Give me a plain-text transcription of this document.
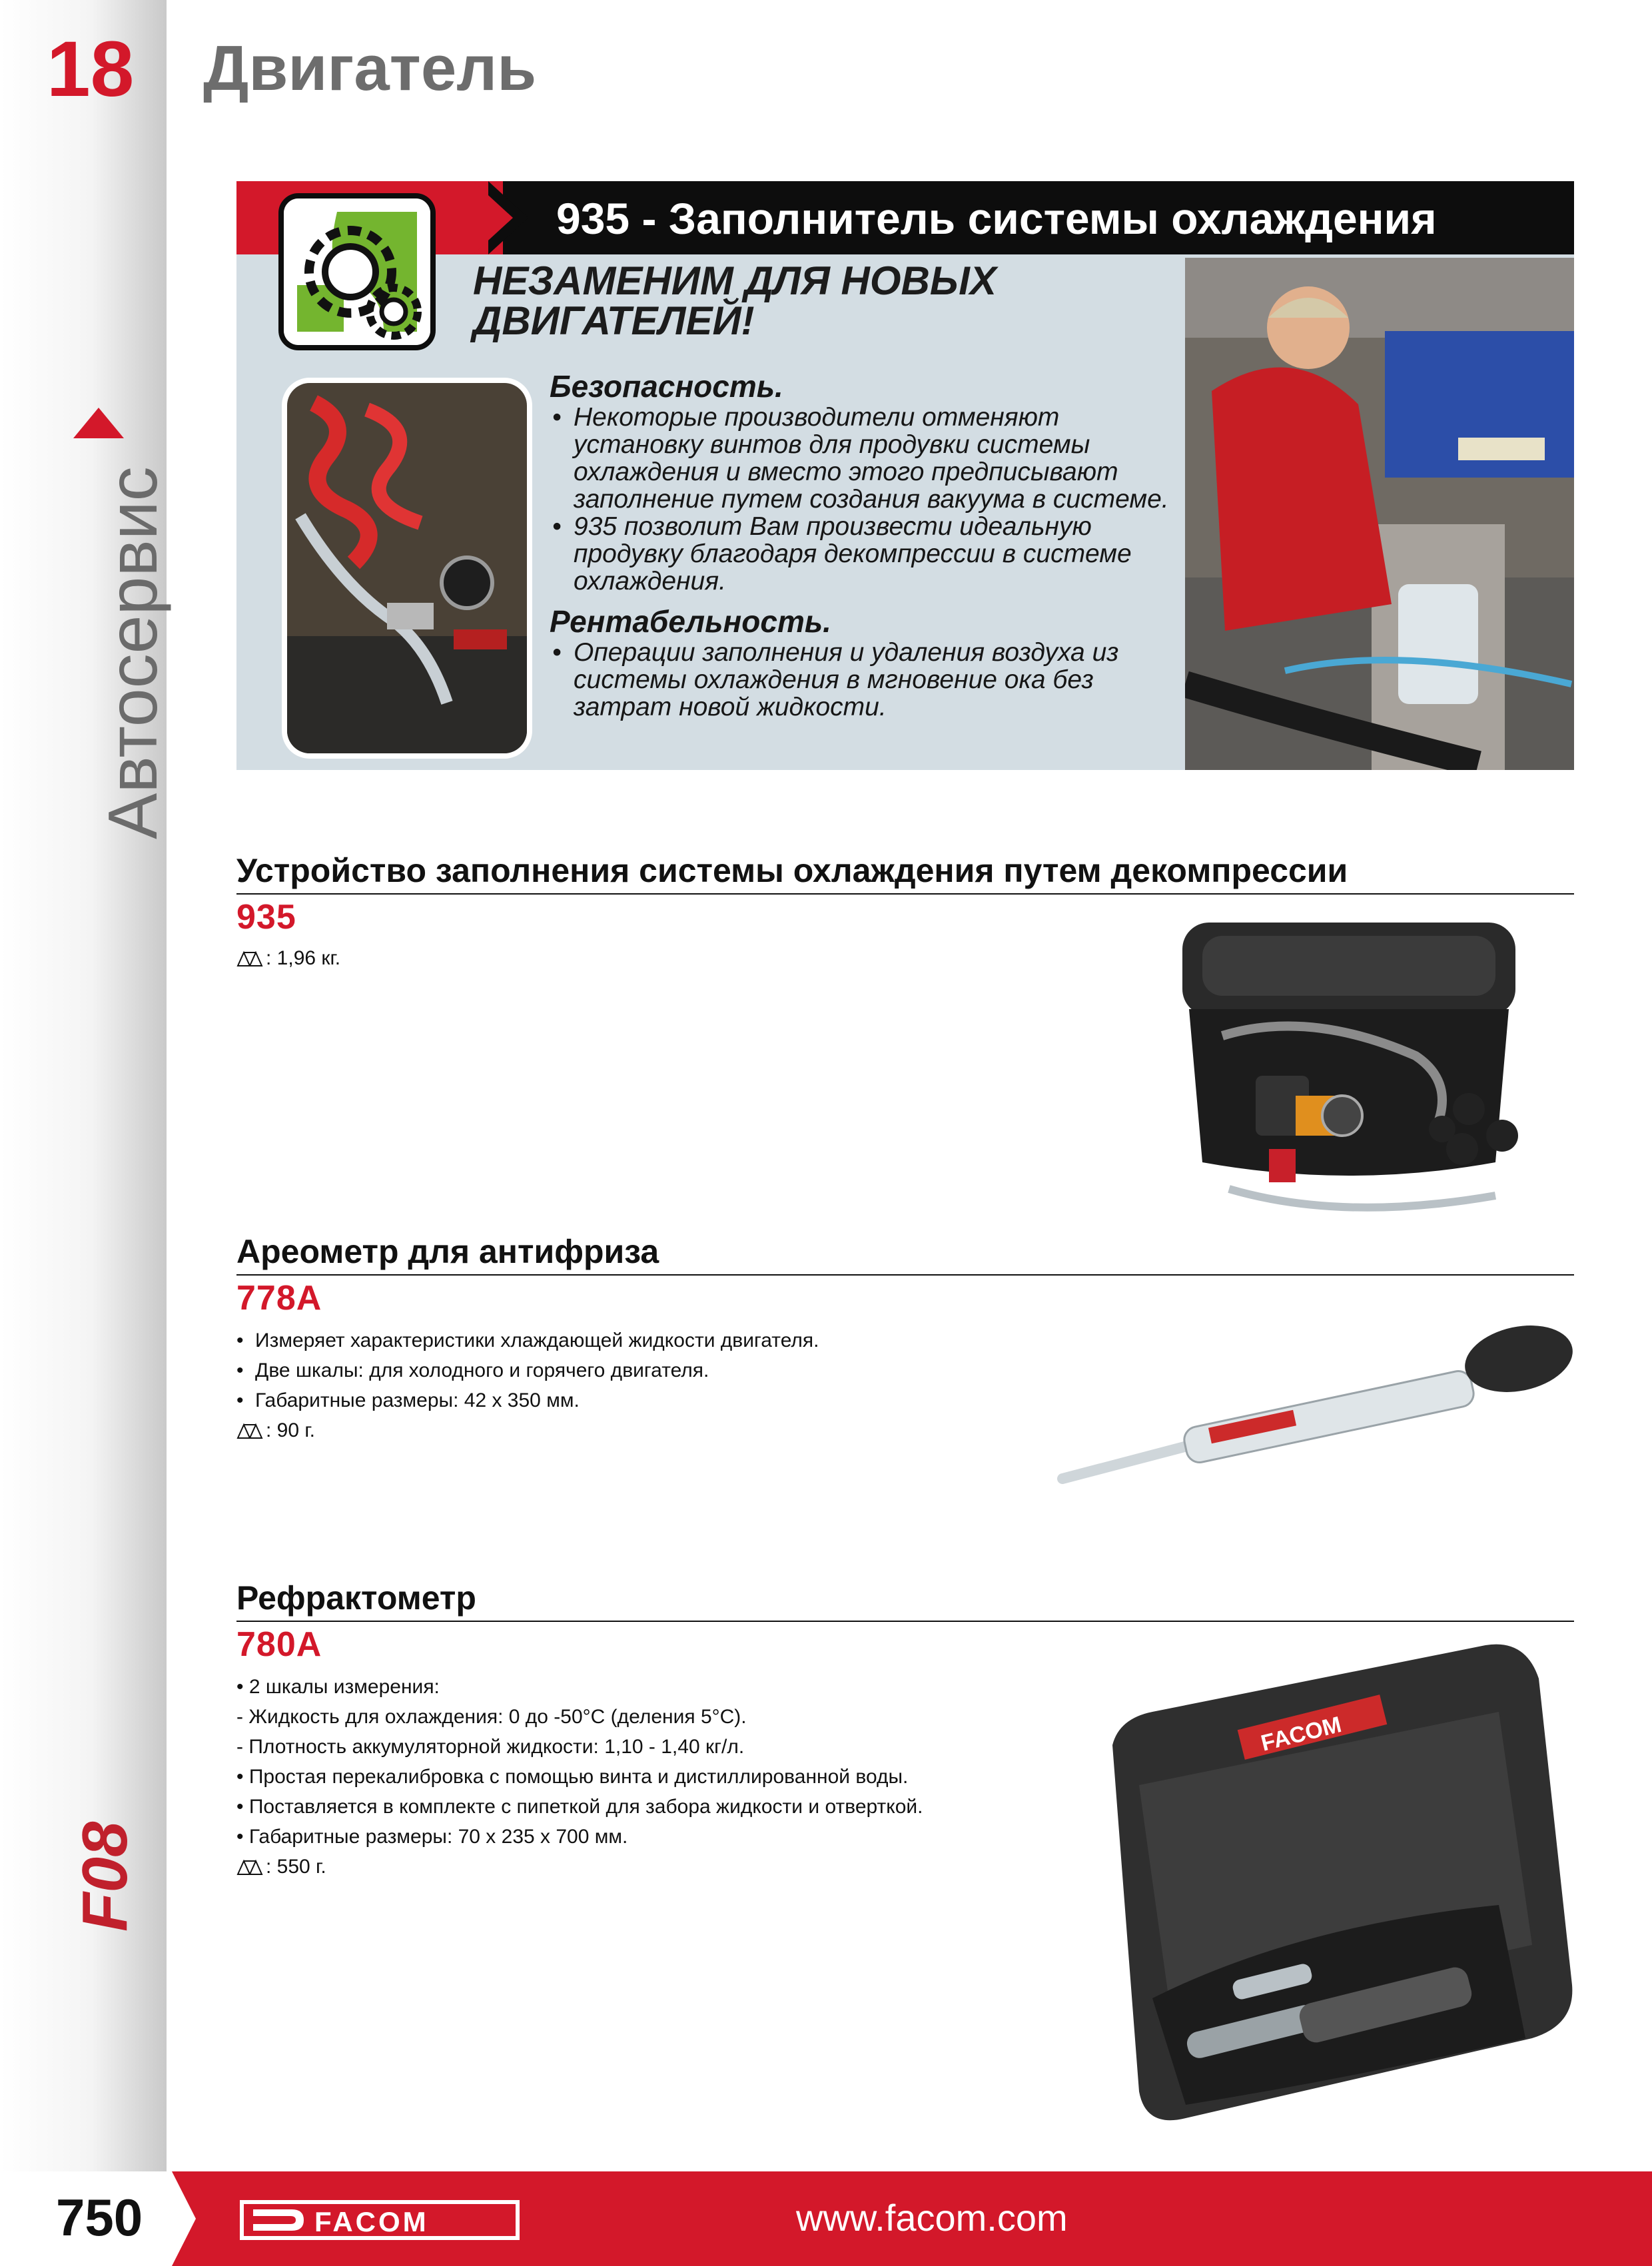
18 Двигатель
Автосервис
F08
935 - Заполнитель системы охлаждения
НЕЗАМЕНИМ ДЛЯ НОВЫХ ДВИГАТЕЛЕЙ!

Безопасность.

• Некоторые производители отменяют установку винтов для продувки системы охлаждения и вместо этого предписывают заполнение путем создания вакуума в системе.

• 935 позволит Вам произвести идеальную продувку благодаря декомпрессии в системе охлаждения.

Рентабельность.

• Операции заполнения и удаления воздуха из системы охлаждения в мгновение ока без затрат новой жидкости.

Устройство заполнения системы охлаждения путем декомпрессии
935
: 1,96 кг.
Ареометр для антифриза
778A
• Измеряет характеристики хлаждающей жидкости двигателя.
• Две шкалы: для холодного и горячего двигателя.
• Габаритные размеры: 42 x 350 мм.
: 90 г.
Рефрактометр
780A
• 2 шкалы измерения:
- Жидкость для охлаждения: 0 до -50°C (деления 5°C).
- Плотность аккумуляторной жидкости: 1,10 - 1,40 кг/л.
• Простая перекалибровка с помощью винта и дистиллированной воды.
• Поставляется в комплекте с пипеткой для забора жидкости и отверткой.
• Габаритные размеры: 70 x 235 x 700 мм.
: 550 г.
FACOM
750	FACOM	www.facom.com
